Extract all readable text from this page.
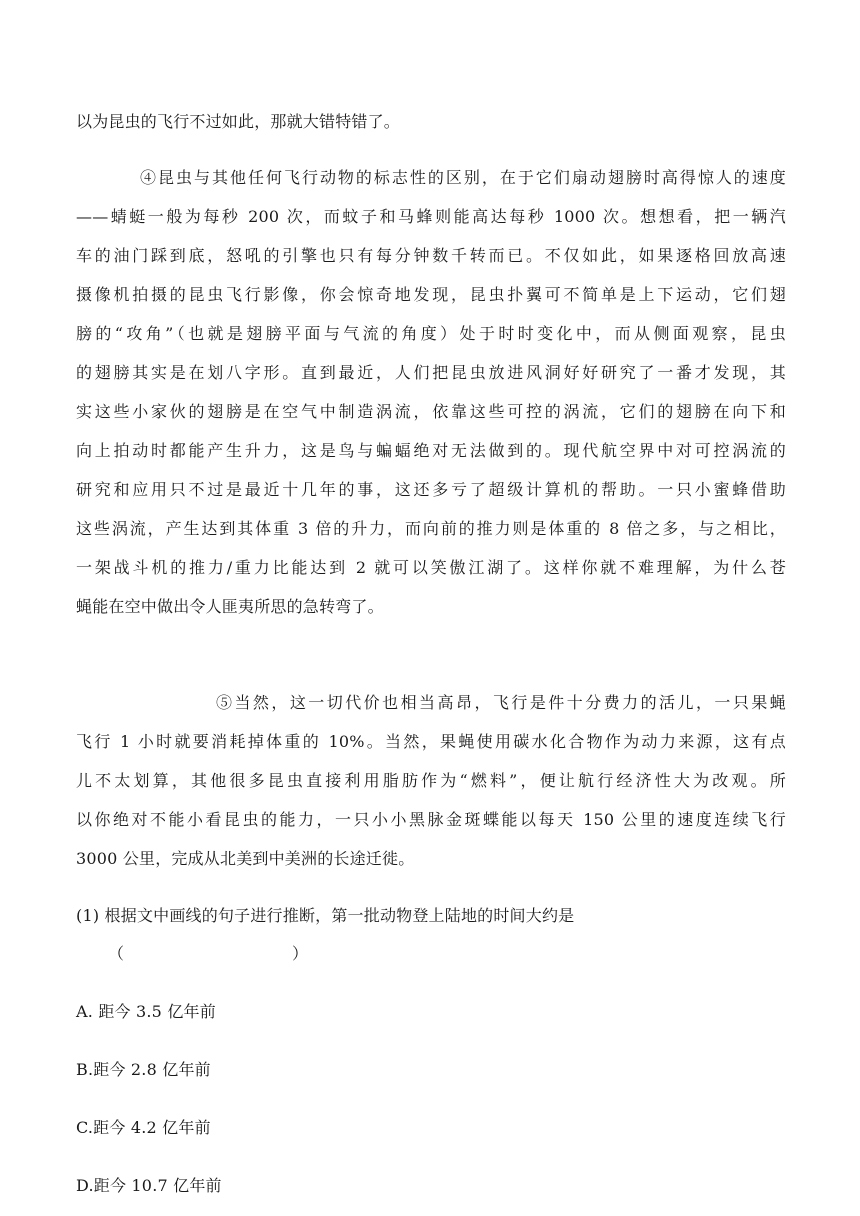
以为昆虫的飞行不过如此，那就大错特错了。
④昆虫与其他任何飞行动物的标志性的区别，在于它们扇动翅膀时高得惊人的速度
——蜻蜓一般为每秒 200 次，而蚊子和马蜂则能高达每秒 1000 次。想想看，把一辆汽
车的油门踩到底，怒吼的引擎也只有每分钟数千转而已。不仅如此，如果逐格回放高速
摄像机拍摄的昆虫飞行影像，你会惊奇地发现，昆虫扑翼可不简单是上下运动，它们翅
膀的“攻角”（也就是翅膀平面与气流的角度）处于时时变化中，而从侧面观察，昆虫
的翅膀其实是在划八字形。直到最近，人们把昆虫放进风洞好好研究了一番才发现，其
实这些小家伙的翅膀是在空气中制造涡流，依靠这些可控的涡流，它们的翅膀在向下和
向上拍动时都能产生升力，这是鸟与蝙蝠绝对无法做到的。现代航空界中对可控涡流的
研究和应用只不过是最近十几年的事，这还多亏了超级计算机的帮助。一只小蜜蜂借助
这些涡流，产生达到其体重 3 倍的升力，而向前的推力则是体重的 8 倍之多，与之相比，
一架战斗机的推力/重力比能达到 2 就可以笑傲江湖了。这样你就不难理解，为什么苍
蝇能在空中做出令人匪夷所思的急转弯了。
⑤当然，这一切代价也相当高昂，飞行是件十分费力的活儿，一只果蝇
飞行 1 小时就要消耗掉体重的 10%。当然，果蝇使用碳水化合物作为动力来源，这有点
儿不太划算，其他很多昆虫直接利用脂肪作为“燃料”，便让航行经济性大为改观。所
以你绝对不能小看昆虫的能力，一只小小黑脉金斑蝶能以每天 150 公里的速度连续飞行
3000 公里，完成从北美到中美洲的长途迁徙。
(1) 根据文中画线的句子进行推断，第一批动物登上陆地的时间大约是
（	）
A. 距今 3.5 亿年前
B.距今 2.8 亿年前
C.距今 4.2 亿年前
D.距今 10.7 亿年前
